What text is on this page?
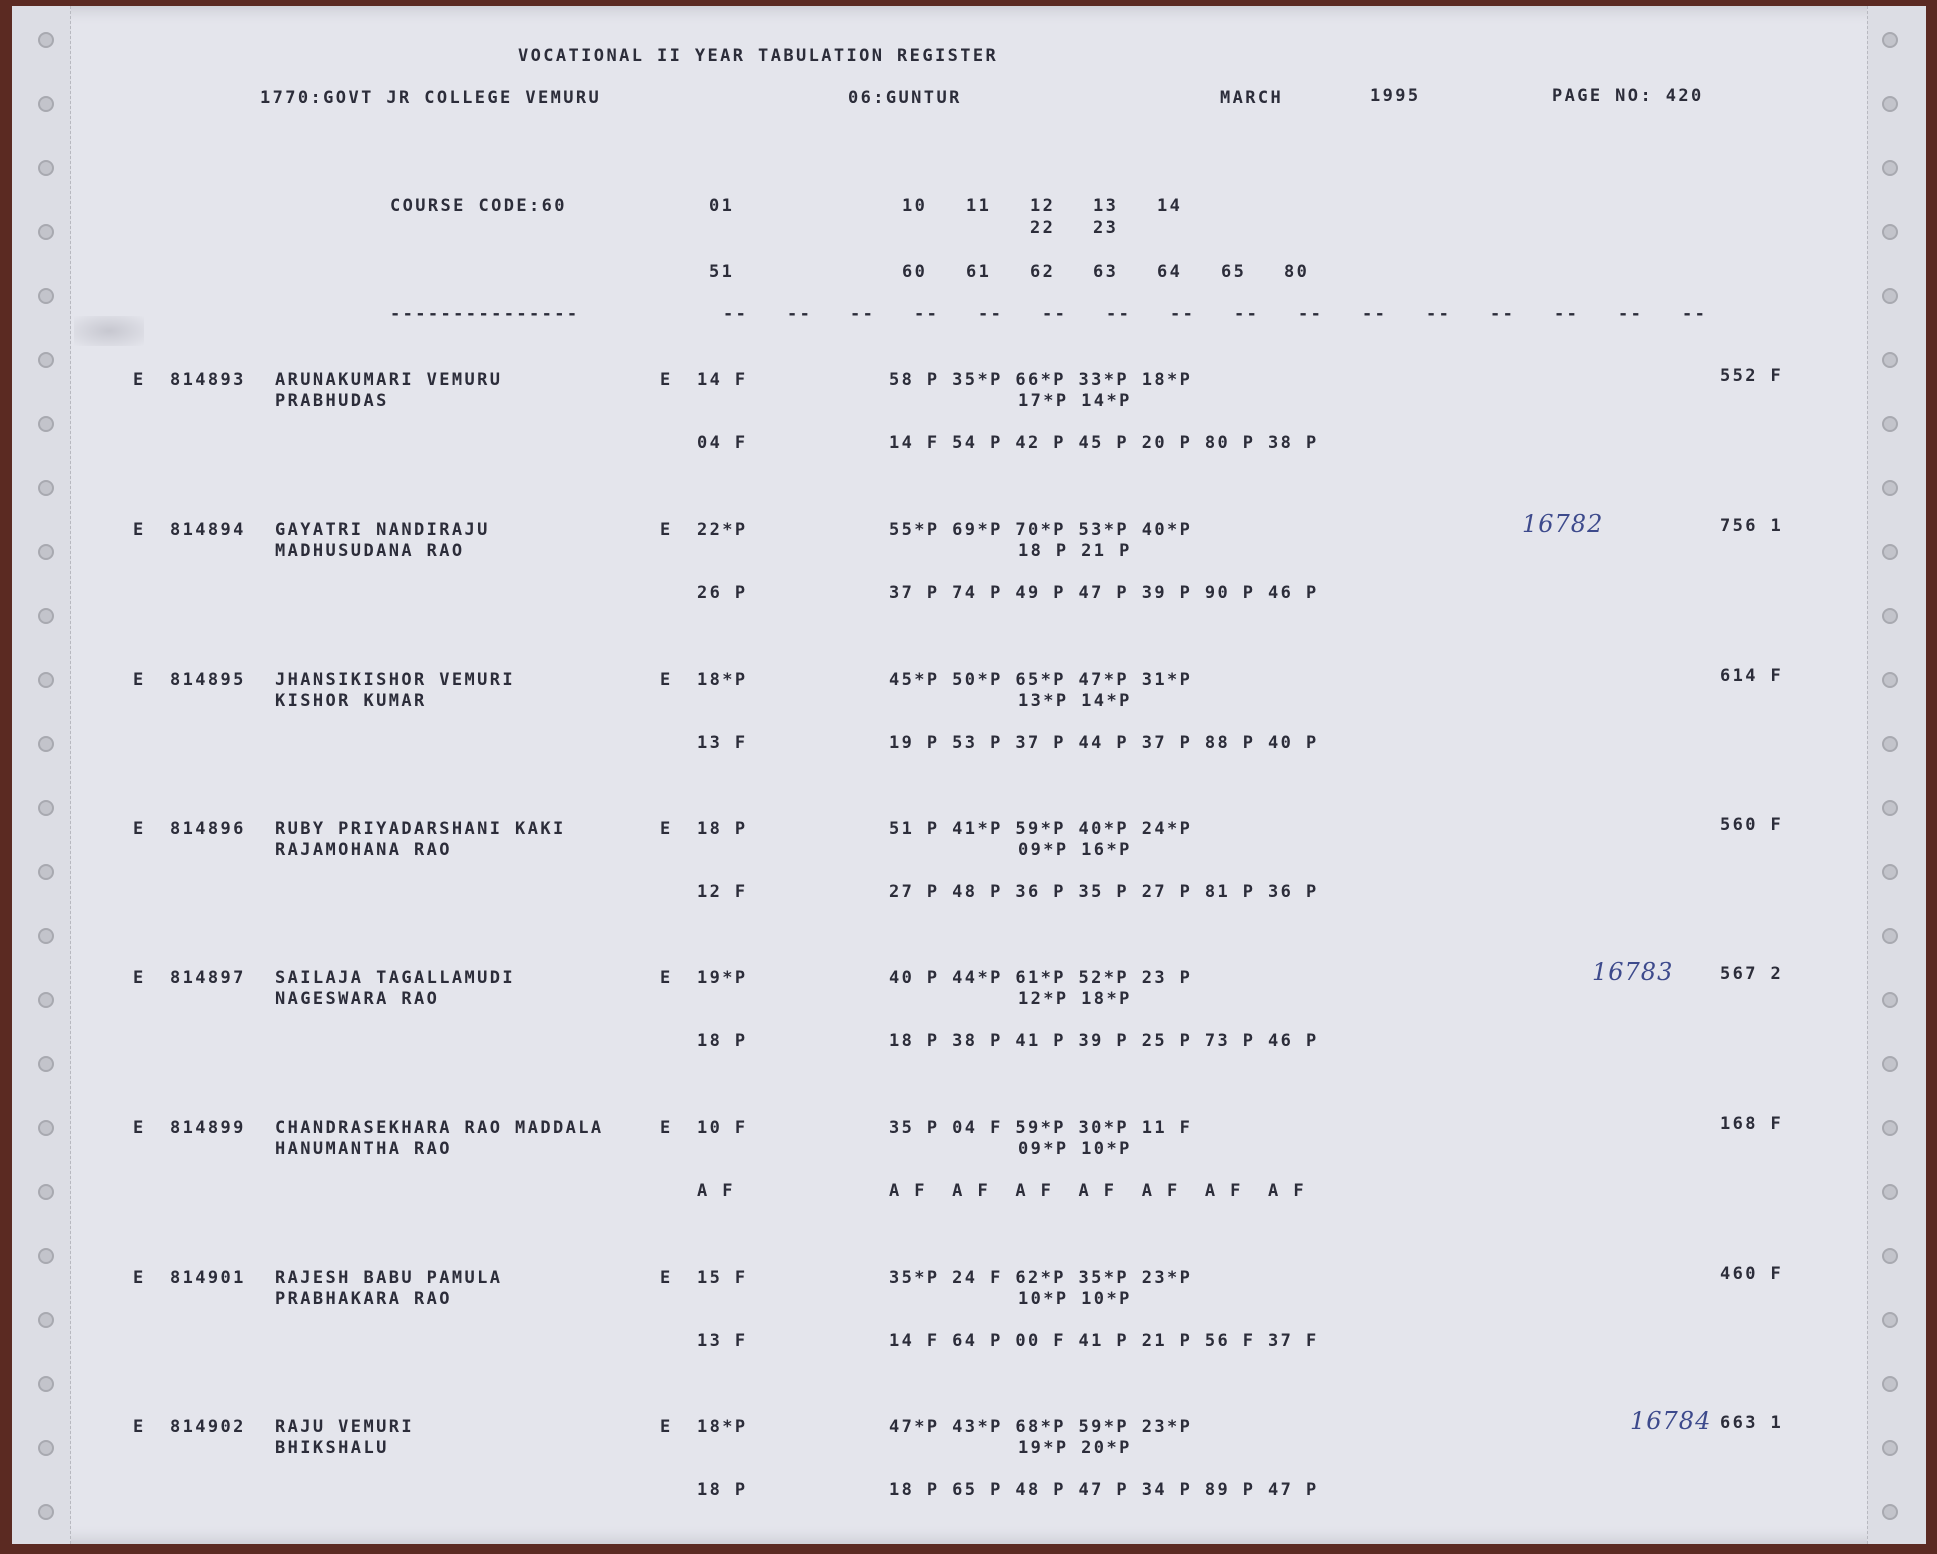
VOCATIONAL II YEAR TABULATION REGISTER
1770:GOVT JR COLLEGE VEMURU	06:GUNTUR	MARCH	1995	PAGE NO: 420
COURSE CODE:60	01	10 11 12 13 14
22 23
51	60 61 62 63 64 65 80
---------------	-- -- -- -- -- -- -- -- -- -- -- -- -- -- -- --
E 814893 ARUNAKUMARI VEMURU
PRABHUDAS
E 14 F	58 P 35*P 66*P 33*P 18*P
17*P 14*P
04 F	14 F 54 P 42 P 45 P 20 P 80 P 38 P
552 F
E 814894 GAYATRI NANDIRAJU
MADHUSUDANA RAO
E 22*P	55*P 69*P 70*P 53*P 40*P
18 P 21 P
26 P	37 P 74 P 49 P 47 P 39 P 90 P 46 P
756 1
16782
E 814895 JHANSIKISHOR VEMURI
KISHOR KUMAR
E 18*P	45*P 50*P 65*P 47*P 31*P
13*P 14*P
13 F	19 P 53 P 37 P 44 P 37 P 88 P 40 P
614 F
E 814896 RUBY PRIYADARSHANI KAKI
RAJAMOHANA RAO
E 18 P	51 P 41*P 59*P 40*P 24*P
09*P 16*P
12 F	27 P 48 P 36 P 35 P 27 P 81 P 36 P
560 F
E 814897 SAILAJA TAGALLAMUDI
NAGESWARA RAO
E 19*P	40 P 44*P 61*P 52*P 23 P
12*P 18*P
18 P	18 P 38 P 41 P 39 P 25 P 73 P 46 P
567 2
16783
E 814899 CHANDRASEKHARA RAO MADDALA
HANUMANTHA RAO
E 10 F	35 P 04 F 59*P 30*P 11 F
09*P 10*P
A F	A F  A F  A F  A F  A F  A F  A F
168 F
E 814901 RAJESH BABU PAMULA
PRABHAKARA RAO
E 15 F	35*P 24 F 62*P 35*P 23*P
10*P 10*P
13 F	14 F 64 P 00 F 41 P 21 P 56 F 37 F
460 F
E 814902 RAJU VEMURI
BHIKSHALU
E 18*P	47*P 43*P 68*P 59*P 23*P
19*P 20*P
18 P	18 P 65 P 48 P 47 P 34 P 89 P 47 P
663 1
16784
